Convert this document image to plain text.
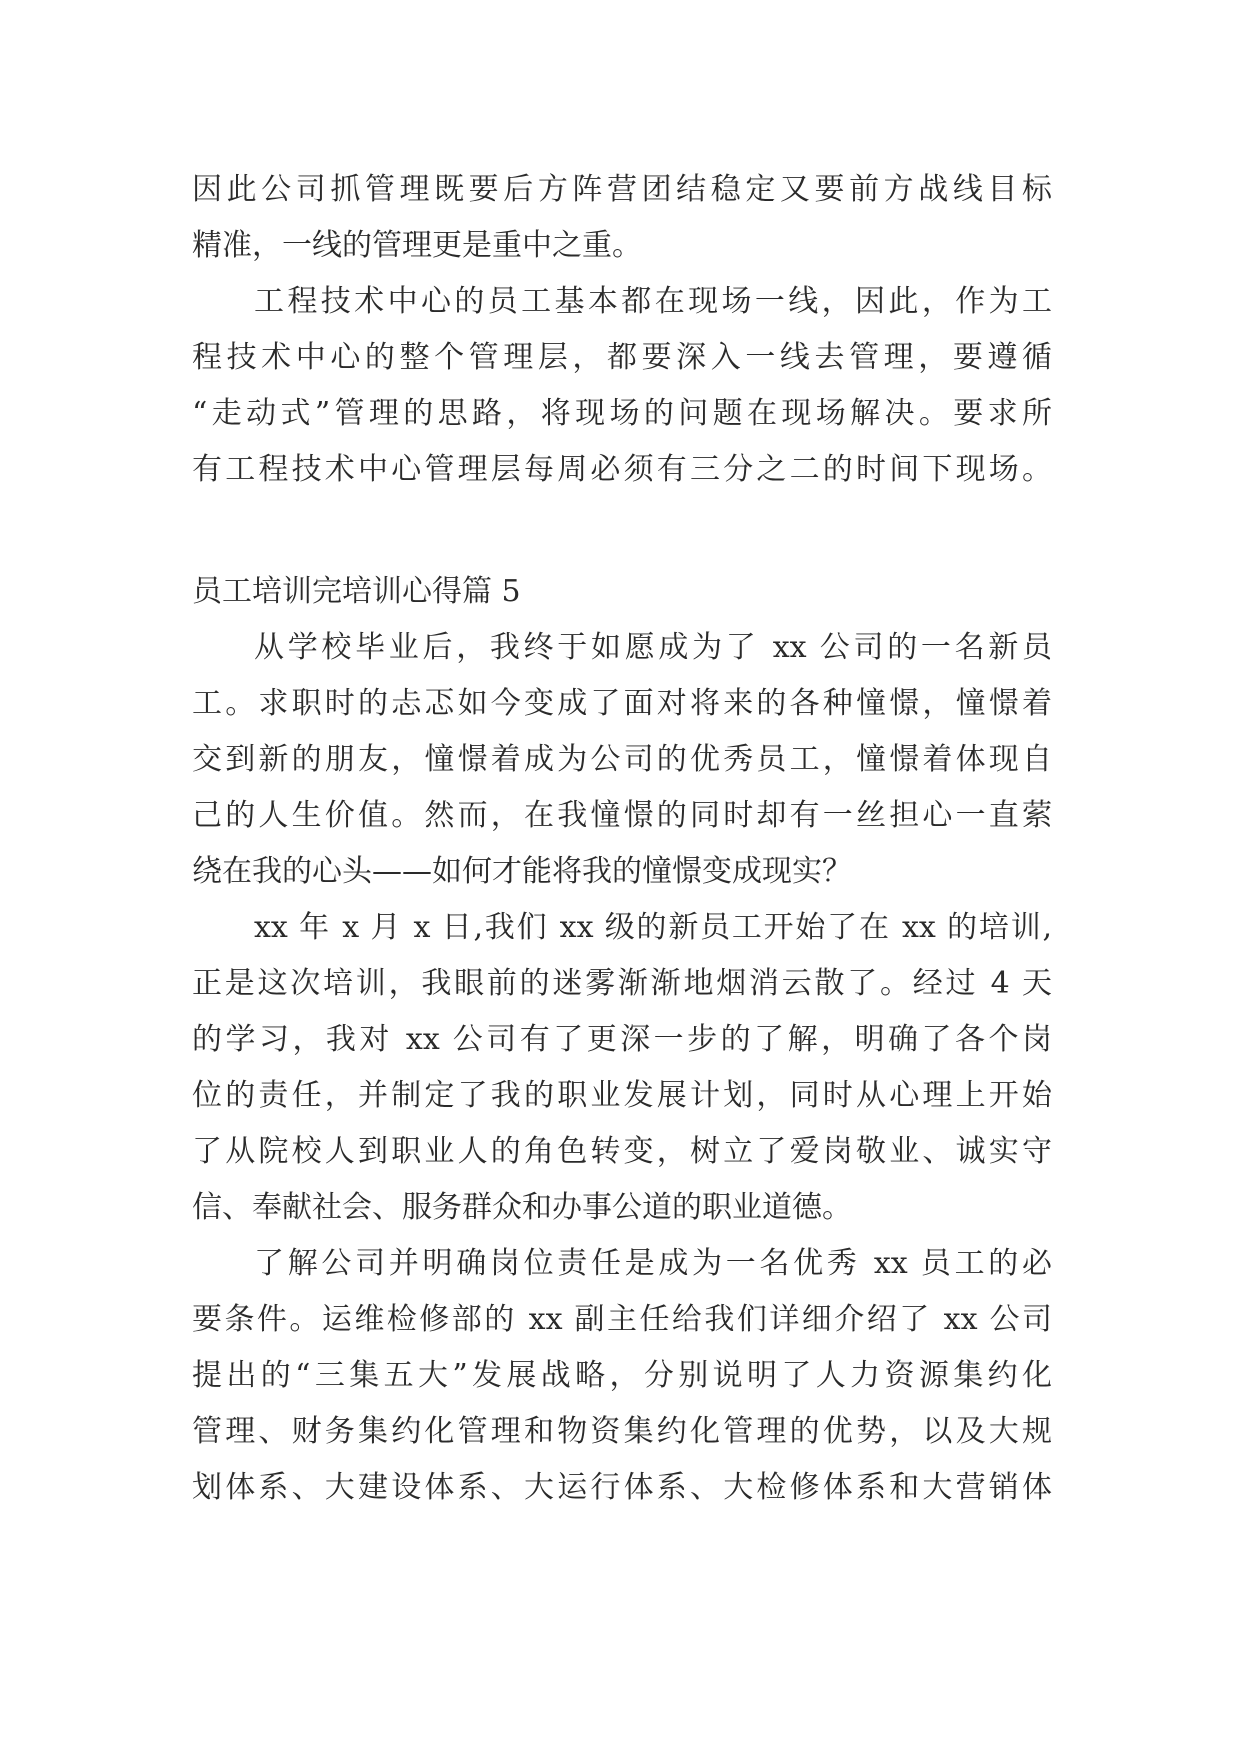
因此公司抓管理既要后方阵营团结稳定又要前方战线目标
精准，一线的管理更是重中之重。
工程技术中心的员工基本都在现场一线，因此，作为工
程技术中心的整个管理层，都要深入一线去管理，要遵循
“走动式”管理的思路，将现场的问题在现场解决。要求所
有工程技术中心管理层每周必须有三分之二的时间下现场。
员工培训完培训心得篇 5
从学校毕业后，我终于如愿成为了 xx 公司的一名新员
工。求职时的忐忑如今变成了面对将来的各种憧憬，憧憬着
交到新的朋友，憧憬着成为公司的优秀员工，憧憬着体现自
己的人生价值。然而，在我憧憬的同时却有一丝担心一直萦
绕在我的心头——如何才能将我的憧憬变成现实？
xx 年 x 月 x 日,我们 xx 级的新员工开始了在 xx 的培训,
正是这次培训，我眼前的迷雾渐渐地烟消云散了。经过 4 天
的学习，我对 xx 公司有了更深一步的了解，明确了各个岗
位的责任，并制定了我的职业发展计划，同时从心理上开始
了从院校人到职业人的角色转变，树立了爱岗敬业、诚实守
信、奉献社会、服务群众和办事公道的职业道德。
了解公司并明确岗位责任是成为一名优秀 xx 员工的必
要条件。运维检修部的 xx 副主任给我们详细介绍了 xx 公司
提出的“三集五大”发展战略，分别说明了人力资源集约化
管理、财务集约化管理和物资集约化管理的优势，以及大规
划体系、大建设体系、大运行体系、大检修体系和大营销体
